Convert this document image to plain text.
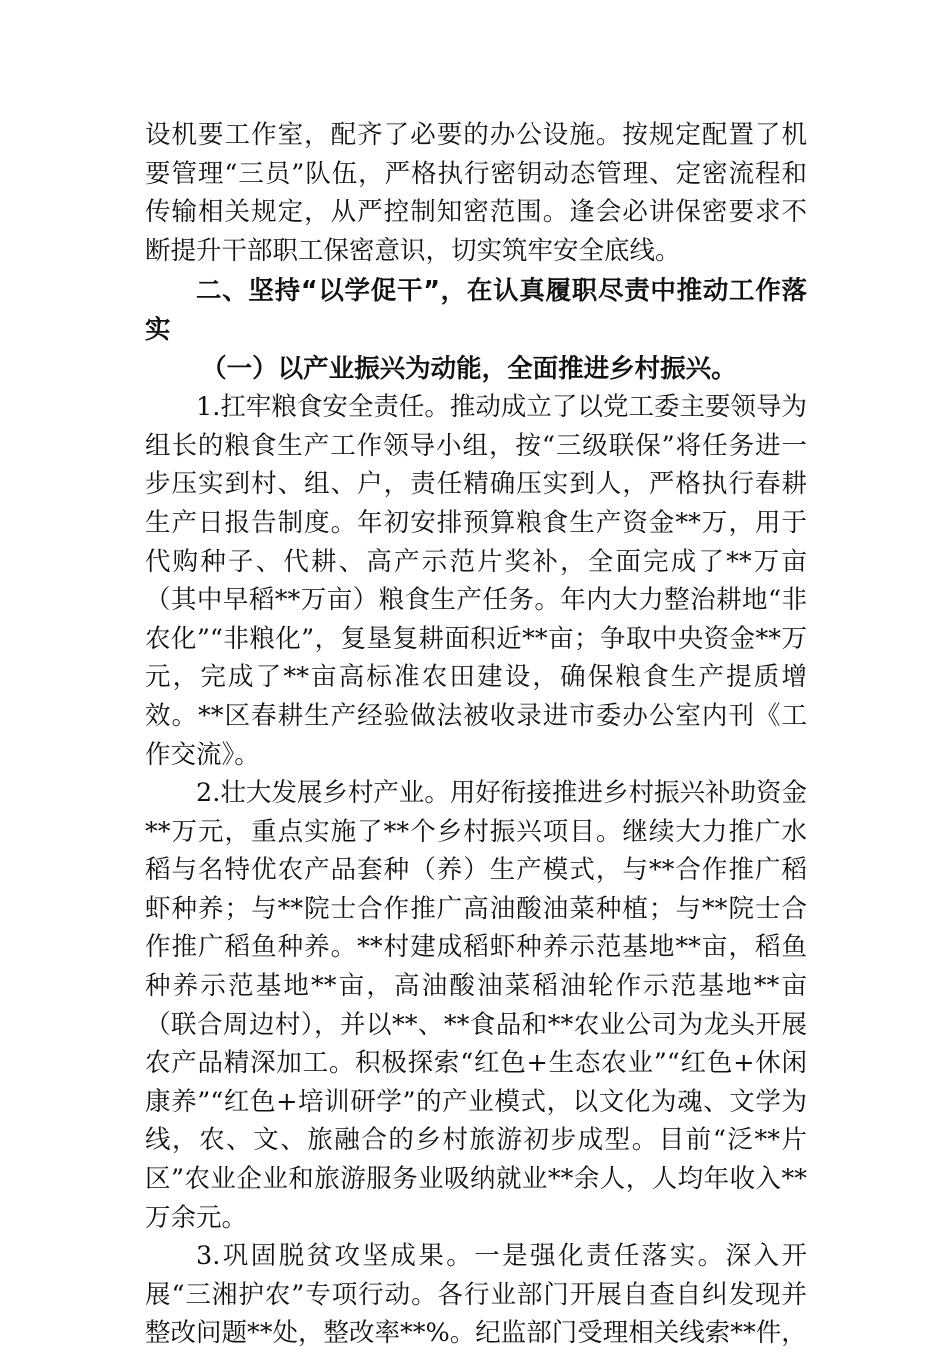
设机要工作室，配齐了必要的办公设施。按规定配置了机要管理“三员”队伍，严格执行密钥动态管理、定密流程和传输相关规定，从严控制知密范围。逢会必讲保密要求不断提升干部职工保密意识，切实筑牢安全底线。

二、坚持“以学促干”，在认真履职尽责中推动工作落实

（一）以产业振兴为动能，全面推进乡村振兴。

1.扛牢粮食安全责任。推动成立了以党工委主要领导为组长的粮食生产工作领导小组，按“三级联保”将任务进一步压实到村、组、户，责任精确压实到人，严格执行春耕生产日报告制度。年初安排预算粮食生产资金**万，用于代购种子、代耕、高产示范片奖补，全面完成了**万亩（其中早稻**万亩）粮食生产任务。年内大力整治耕地“非农化”“非粮化”，复垦复耕面积近**亩；争取中央资金**万元，完成了**亩高标准农田建设，确保粮食生产提质增效。**区春耕生产经验做法被收录进市委办公室内刊《工作交流》。

2.壮大发展乡村产业。用好衔接推进乡村振兴补助资金**万元，重点实施了**个乡村振兴项目。继续大力推广水稻与名特优农产品套种（养）生产模式，与**合作推广稻虾种养；与**院士合作推广高油酸油菜种植；与**院士合作推广稻鱼种养。**村建成稻虾种养示范基地**亩，稻鱼种养示范基地**亩，高油酸油菜稻油轮作示范基地**亩（联合周边村），并以**、**食品和**农业公司为龙头开展农产品精深加工。积极探索“红色+生态农业”“红色+休闲康养”“红色+培训研学”的产业模式，以文化为魂、文学为线，农、文、旅融合的乡村旅游初步成型。目前“泛**片区”农业企业和旅游服务业吸纳就业**余人，人均年收入**万余元。

3.巩固脱贫攻坚成果。一是强化责任落实。深入开展“三湘护农”专项行动。各行业部门开展自查自纠发现并整改问题**处，整改率**%。纪监部门受理相关线索**件，
